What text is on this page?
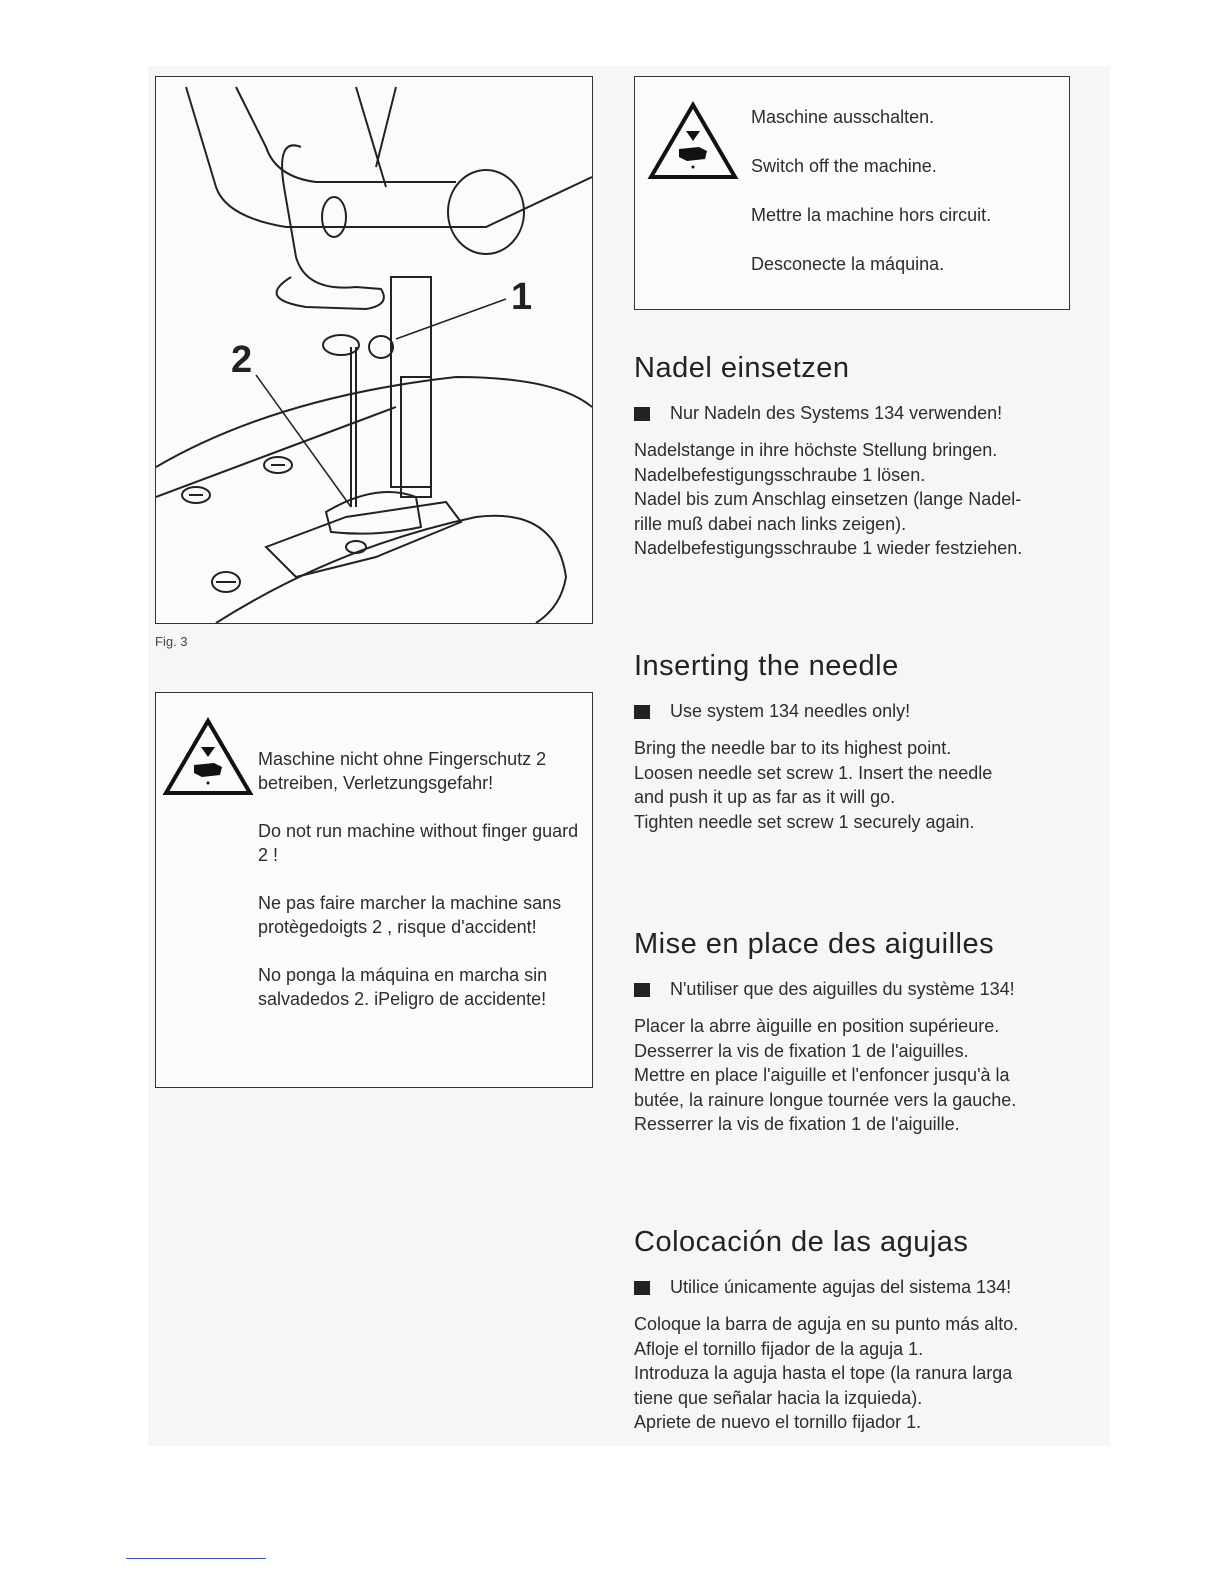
1
2
Fig. 3

Maschine ausschalten.

Switch off the machine.

Mettre la machine hors circuit.

Desconecte la máquina.

Maschine nicht ohne Fingerschutz 2 betreiben, Verletzungsgefahr!

Do not run machine without finger guard 2 !

Ne pas faire marcher la machine sans protègedoigts 2 , risque d'accident!

No ponga la máquina en marcha sin salvadedos 2. iPeligro de accidente!

Nadel einsetzen
Nur Nadeln des Systems 134 verwenden!

Nadelstange in ihre höchste Stellung bringen.

Nadelbefestigungsschraube 1 lösen.

Nadel bis zum Anschlag einsetzen (lange Nadel-

rille muß dabei nach links zeigen).

Nadelbefestigungsschraube 1 wieder festziehen.

Inserting the needle
Use system 134 needles only!

Bring the needle bar to its highest point.

Loosen needle set screw 1. Insert the needle

and push it up as far as it will go.

Tighten needle set screw 1 securely again.

Mise en place des aiguilles
N'utiliser que des aiguilles du système 134!

Placer la abrre àiguille en position supérieure.

Desserrer la vis de fixation 1 de l'aiguilles.

Mettre en place l'aiguille et l'enfoncer jusqu'à la

butée, la rainure longue tournée vers la gauche.

Resserrer la vis de fixation 1 de l'aiguille.

Colocación de las agujas
Utilice únicamente agujas del sistema 134!

Coloque la barra de aguja en su punto más alto.

Afloje el tornillo fijador de la aguja 1.

Introduza la aguja hasta el tope (la ranura larga

tiene que señalar hacia la izquieda).

Apriete de nuevo el tornillo fijador 1.
